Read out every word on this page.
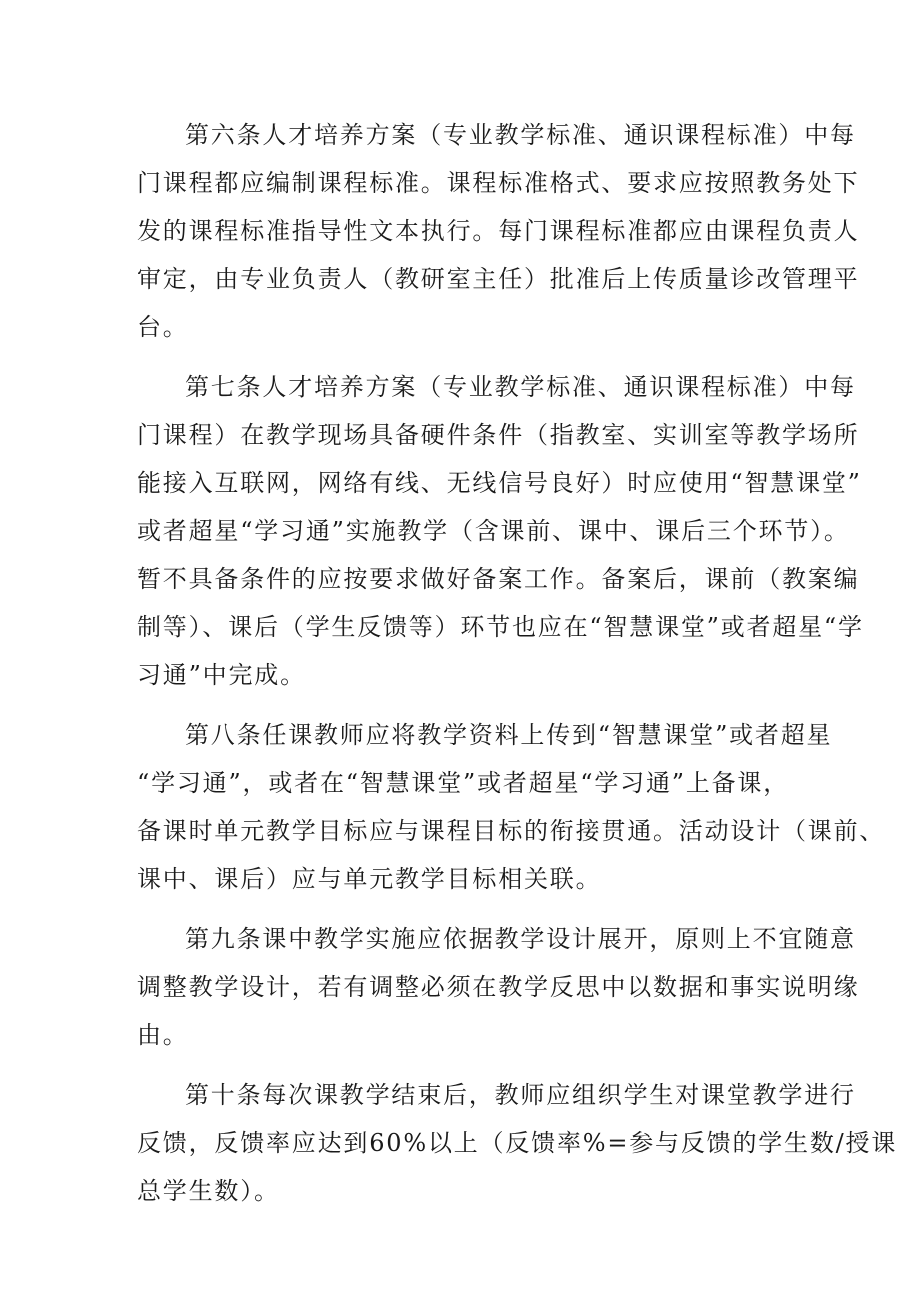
第六条人才培养方案（专业教学标准、通识课程标准）中每
门课程都应编制课程标准。课程标准格式、要求应按照教务处下
发的课程标准指导性文本执行。每门课程标准都应由课程负责人
审定，由专业负责人（教研室主任）批准后上传质量诊改管理平
台。
第七条人才培养方案（专业教学标准、通识课程标准）中每
门课程）在教学现场具备硬件条件（指教室、实训室等教学场所
能接入互联网，网络有线、无线信号良好）时应使用“智慧课堂”
或者超星“学习通”实施教学（含课前、课中、课后三个环节）。
暂不具备条件的应按要求做好备案工作。备案后，课前（教案编
制等）、课后（学生反馈等）环节也应在“智慧课堂”或者超星“学
习通”中完成。
第八条任课教师应将教学资料上传到“智慧课堂”或者超星
“学习通”，或者在“智慧课堂”或者超星“学习通”上备课，
备课时单元教学目标应与课程目标的衔接贯通。活动设计（课前、
课中、课后）应与单元教学目标相关联。
第九条课中教学实施应依据教学设计展开，原则上不宜随意
调整教学设计，若有调整必须在教学反思中以数据和事实说明缘
由。
第十条每次课教学结束后，教师应组织学生对课堂教学进行
反馈，反馈率应达到60%以上（反馈率%=参与反馈的学生数/授课
总学生数）。
